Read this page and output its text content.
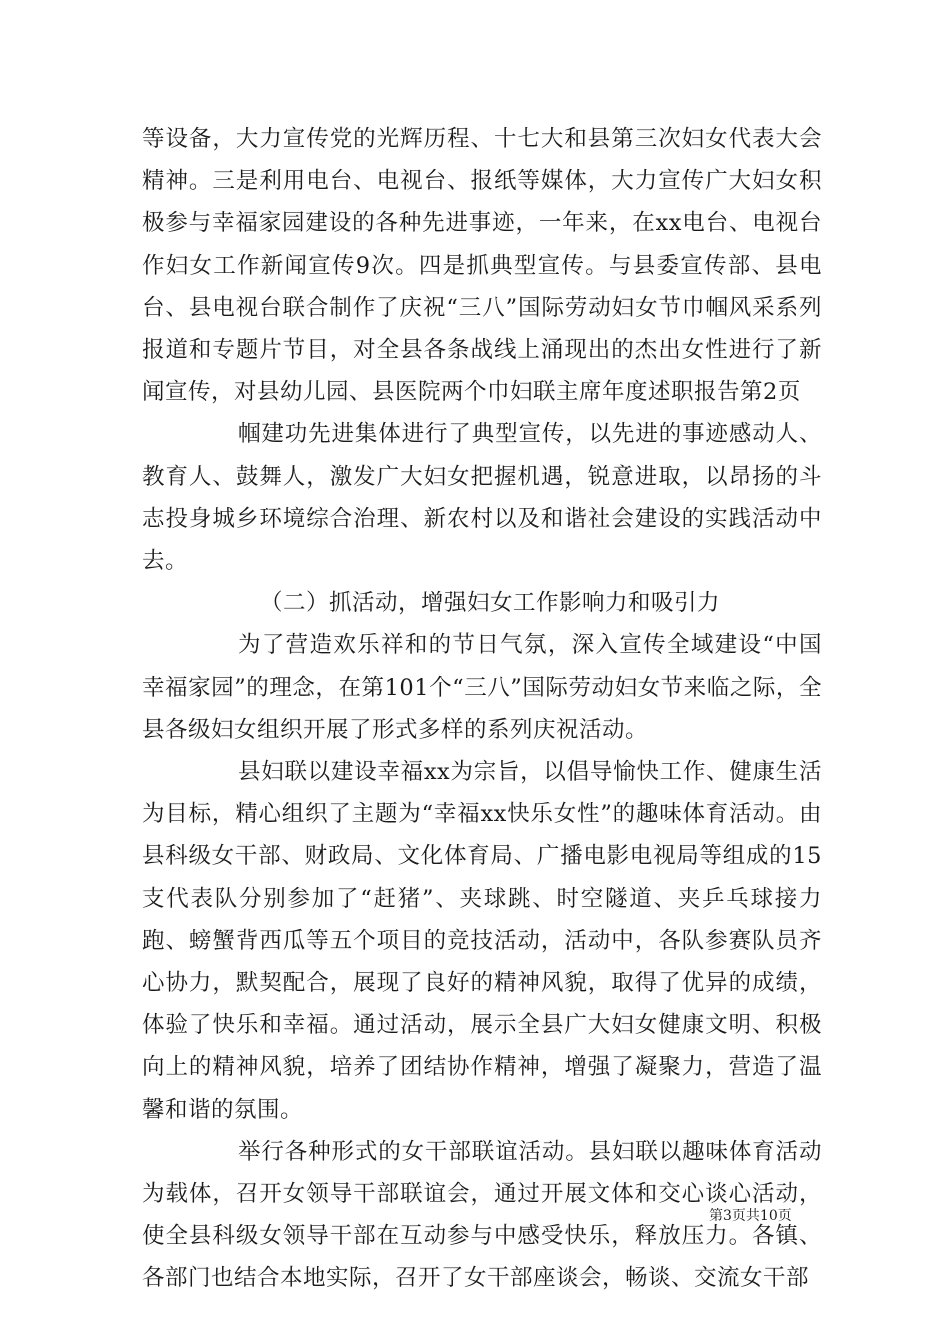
等设备，大力宣传党的光辉历程、十七大和县第三次妇女代表大会精神。三是利用电台、电视台、报纸等媒体，大力宣传广大妇女积极参与幸福家园建设的各种先进事迹，一年来，在xx电台、电视台作妇女工作新闻宣传9次。四是抓典型宣传。与县委宣传部、县电台、县电视台联合制作了庆祝“三八”国际劳动妇女节巾帼风采系列报道和专题片节目，对全县各条战线上涌现出的杰出女性进行了新闻宣传，对县幼儿园、县医院两个巾妇联主席年度述职报告第2页

帼建功先进集体进行了典型宣传，以先进的事迹感动人、教育人、鼓舞人，激发广大妇女把握机遇，锐意进取，以昂扬的斗志投身城乡环境综合治理、新农村以及和谐社会建设的实践活动中去。

（二）抓活动，增强妇女工作影响力和吸引力

为了营造欢乐祥和的节日气氛，深入宣传全域建设“中国幸福家园”的理念，在第101个“三八”国际劳动妇女节来临之际，全县各级妇女组织开展了形式多样的系列庆祝活动。

县妇联以建设幸福xx为宗旨，以倡导愉快工作、健康生活为目标，精心组织了主题为“幸福xx快乐女性”的趣味体育活动。由县科级女干部、财政局、文化体育局、广播电影电视局等组成的15支代表队分别参加了“赶猪”、夹球跳、时空隧道、夹乒乓球接力跑、螃蟹背西瓜等五个项目的竞技活动，活动中，各队参赛队员齐心协力，默契配合，展现了良好的精神风貌，取得了优异的成绩，体验了快乐和幸福。通过活动，展示全县广大妇女健康文明、积极向上的精神风貌，培养了团结协作精神，增强了凝聚力，营造了温馨和谐的氛围。

举行各种形式的女干部联谊活动。县妇联以趣味体育活动为载体，召开女领导干部联谊会，通过开展文体和交心谈心活动，使全县科级女领导干部在互动参与中感受快乐，释放压力。各镇、各部门也结合本地实际，召开了女干部座谈会，畅谈、交流女干部

第3页共10页
